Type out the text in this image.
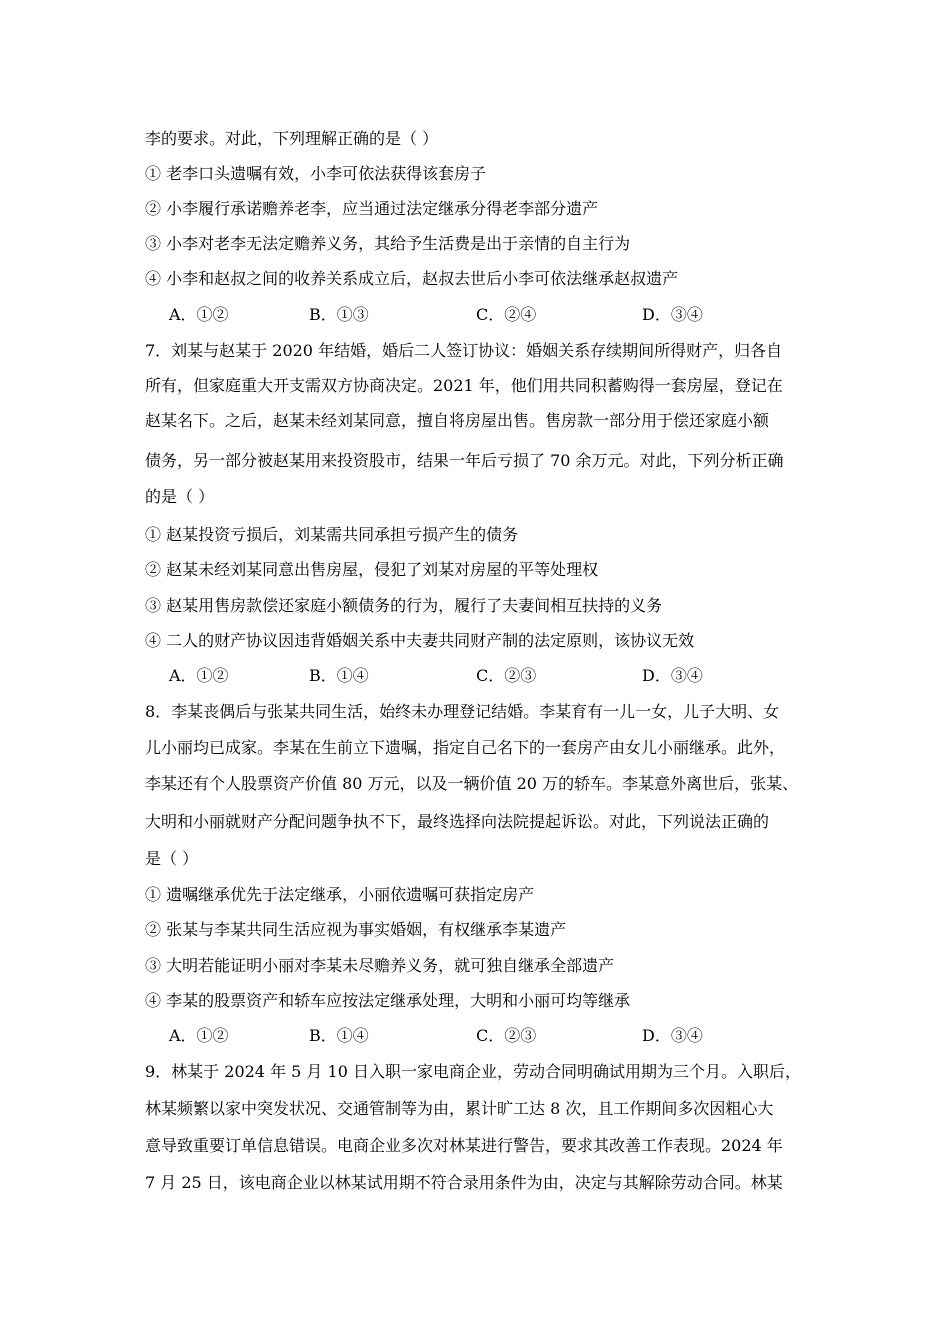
李的要求。对此，下列理解正确的是（ ）
① 老李口头遗嘱有效，小李可依法获得该套房子
② 小李履行承诺赡养老李，应当通过法定继承分得老李部分遗产
③ 小李对老李无法定赡养义务，其给予生活费是出于亲情的自主行为
④ 小李和赵叔之间的收养关系成立后，赵叔去世后小李可依法继承赵叔遗产
A．①②	B．①③	C．②④	D．③④
7．刘某与赵某于 2020 年结婚，婚后二人签订协议：婚姻关系存续期间所得财产，归各自
所有，但家庭重大开支需双方协商决定。2021 年，他们用共同积蓄购得一套房屋，登记在
赵某名下。之后，赵某未经刘某同意，擅自将房屋出售。售房款一部分用于偿还家庭小额
债务，另一部分被赵某用来投资股市，结果一年后亏损了 70 余万元。对此，下列分析正确
的是（ ）
① 赵某投资亏损后，刘某需共同承担亏损产生的债务
② 赵某未经刘某同意出售房屋，侵犯了刘某对房屋的平等处理权
③ 赵某用售房款偿还家庭小额债务的行为，履行了夫妻间相互扶持的义务
④ 二人的财产协议因违背婚姻关系中夫妻共同财产制的法定原则，该协议无效
A．①②	B．①④	C．②③	D．③④
8．李某丧偶后与张某共同生活，始终未办理登记结婚。李某育有一儿一女，儿子大明、女
儿小丽均已成家。李某在生前立下遗嘱，指定自己名下的一套房产由女儿小丽继承。此外，
李某还有个人股票资产价值 80 万元，以及一辆价值 20 万的轿车。李某意外离世后，张某、
大明和小丽就财产分配问题争执不下，最终选择向法院提起诉讼。对此，下列说法正确的
是（ ）
① 遗嘱继承优先于法定继承，小丽依遗嘱可获指定房产
② 张某与李某共同生活应视为事实婚姻，有权继承李某遗产
③ 大明若能证明小丽对李某未尽赡养义务，就可独自继承全部遗产
④ 李某的股票资产和轿车应按法定继承处理，大明和小丽可均等继承
A．①②	B．①④	C．②③	D．③④
9．林某于 2024 年 5 月 10 日入职一家电商企业，劳动合同明确试用期为三个月。入职后，
林某频繁以家中突发状况、交通管制等为由，累计旷工达 8 次，且工作期间多次因粗心大
意导致重要订单信息错误。电商企业多次对林某进行警告，要求其改善工作表现。2024 年
7 月 25 日，该电商企业以林某试用期不符合录用条件为由，决定与其解除劳动合同。林某
